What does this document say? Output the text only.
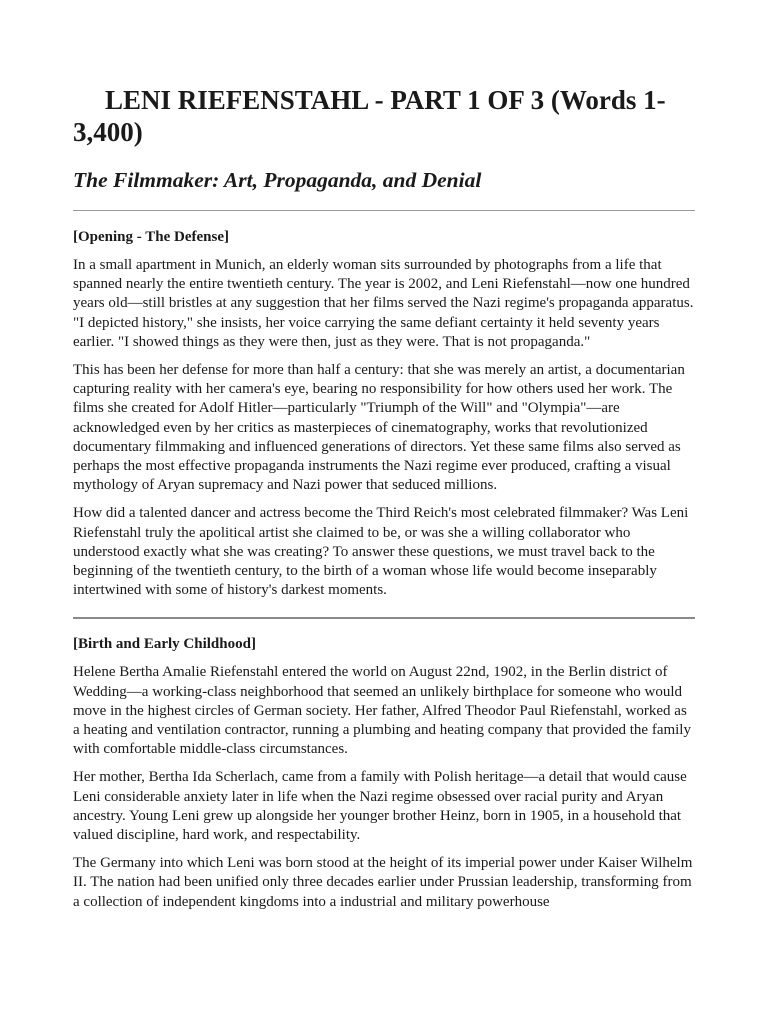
LENI RIEFENSTAHL - PART 1 OF 3 (Words 1-3,400)
The Filmmaker: Art, Propaganda, and Denial
[Opening - The Defense]

In a small apartment in Munich, an elderly woman sits surrounded by photographs from a life that spanned nearly the entire twentieth century. The year is 2002, and Leni Riefenstahl—now one hundred years old—still bristles at any suggestion that her films served the Nazi regime's propaganda apparatus. "I depicted history," she insists, her voice carrying the same defiant certainty it held seventy years earlier. "I showed things as they were then, just as they were. That is not propaganda."

This has been her defense for more than half a century: that she was merely an artist, a documentarian capturing reality with her camera's eye, bearing no responsibility for how others used her work. The films she created for Adolf Hitler—particularly "Triumph of the Will" and "Olympia"—are acknowledged even by her critics as masterpieces of cinematography, works that revolutionized documentary filmmaking and influenced generations of directors. Yet these same films also served as perhaps the most effective propaganda instruments the Nazi regime ever produced, crafting a visual mythology of Aryan supremacy and Nazi power that seduced millions.

How did a talented dancer and actress become the Third Reich's most celebrated filmmaker? Was Leni Riefenstahl truly the apolitical artist she claimed to be, or was she a willing collaborator who understood exactly what she was creating? To answer these questions, we must travel back to the beginning of the twentieth century, to the birth of a woman whose life would become inseparably intertwined with some of history's darkest moments.

[Birth and Early Childhood]

Helene Bertha Amalie Riefenstahl entered the world on August 22nd, 1902, in the Berlin district of Wedding—a working-class neighborhood that seemed an unlikely birthplace for someone who would move in the highest circles of German society. Her father, Alfred Theodor Paul Riefenstahl, worked as a heating and ventilation contractor, running a plumbing and heating company that provided the family with comfortable middle-class circumstances.

Her mother, Bertha Ida Scherlach, came from a family with Polish heritage—a detail that would cause Leni considerable anxiety later in life when the Nazi regime obsessed over racial purity and Aryan ancestry. Young Leni grew up alongside her younger brother Heinz, born in 1905, in a household that valued discipline, hard work, and respectability.

The Germany into which Leni was born stood at the height of its imperial power under Kaiser Wilhelm II. The nation had been unified only three decades earlier under Prussian leadership, transforming from a collection of independent kingdoms into a industrial and military powerhouse
